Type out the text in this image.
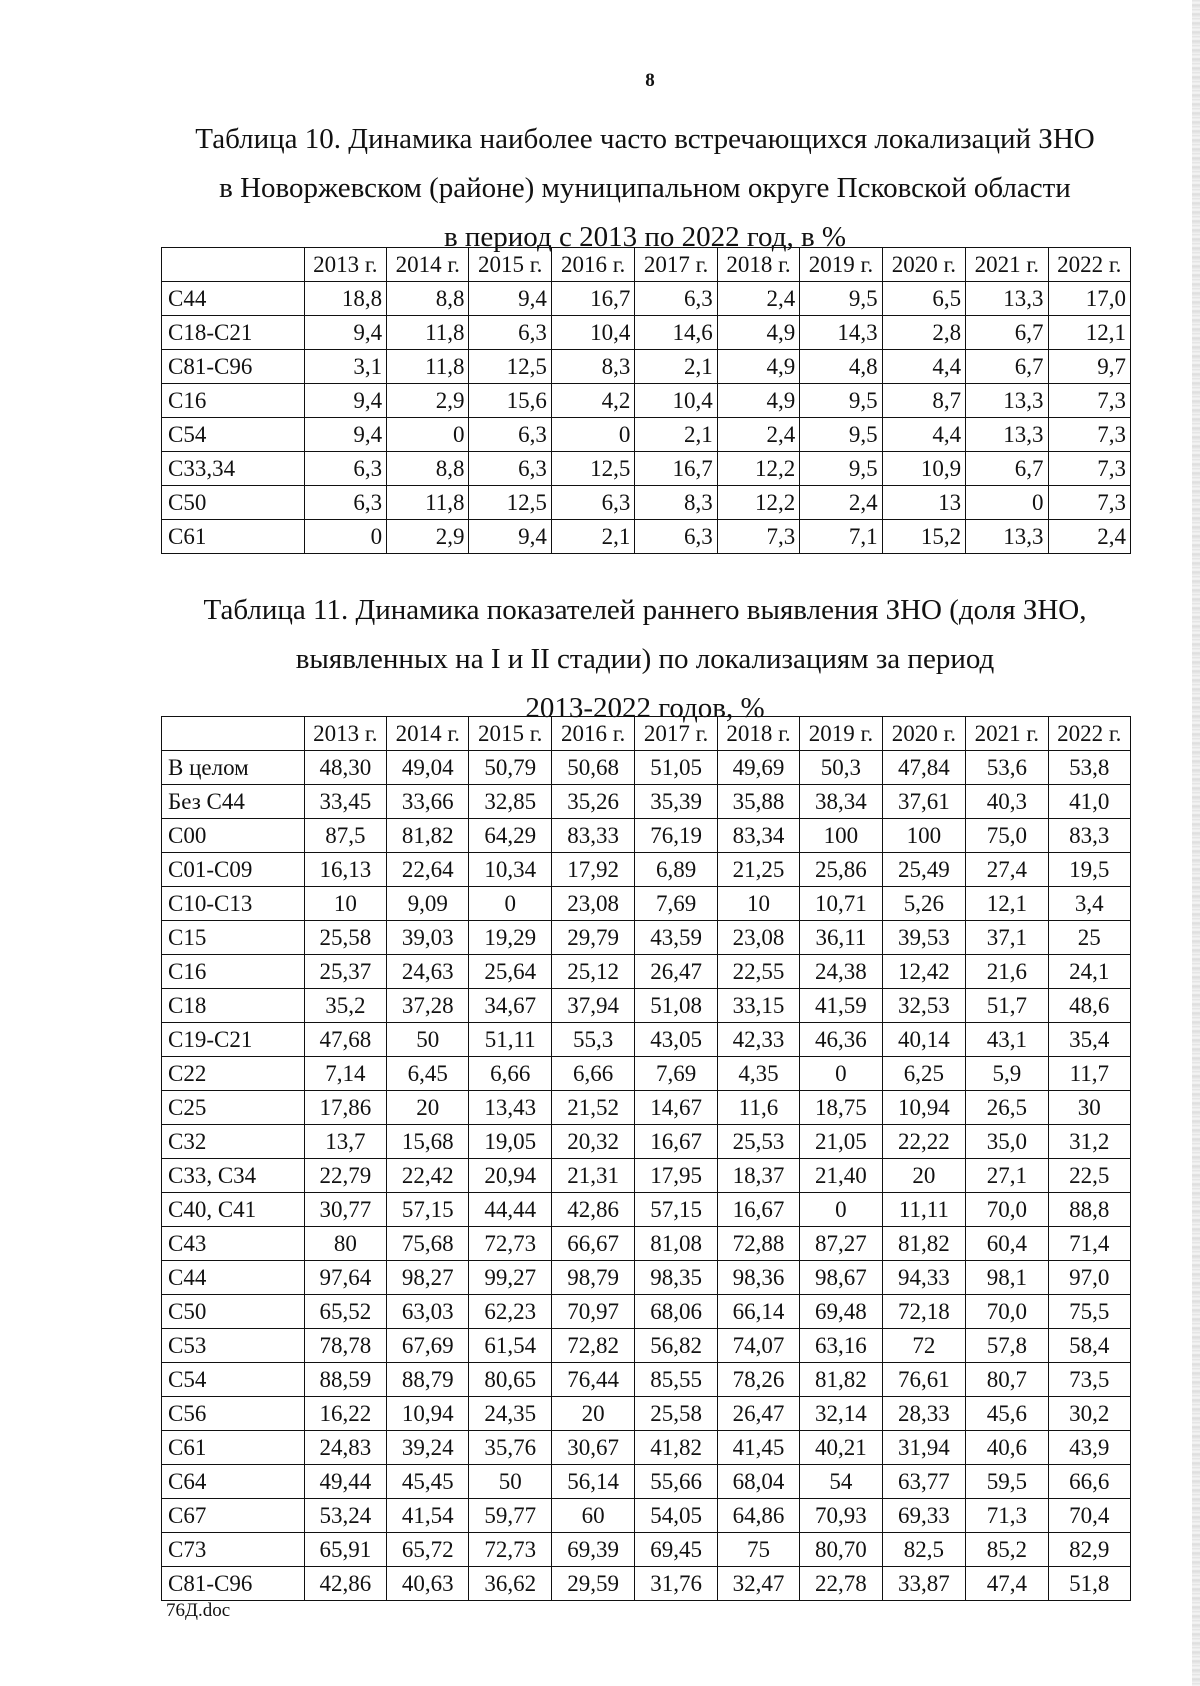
8
Таблица 10. Динамика наиболее часто встречающихся локализаций ЗНО
в Новоржевском (районе) муниципальном округе Псковской области
в период с 2013 по 2022 год, в %
	2013 г.	2014 г.	2015 г.	2016 г.	2017 г.	2018 г.	2019 г.	2020 г.	2021 г.	2022 г.
С44	18,8	8,8	9,4	16,7	6,3	2,4	9,5	6,5	13,3	17,0
С18-С21	9,4	11,8	6,3	10,4	14,6	4,9	14,3	2,8	6,7	12,1
С81-С96	3,1	11,8	12,5	8,3	2,1	4,9	4,8	4,4	6,7	9,7
С16	9,4	2,9	15,6	4,2	10,4	4,9	9,5	8,7	13,3	7,3
С54	9,4	0	6,3	0	2,1	2,4	9,5	4,4	13,3	7,3
С33,34	6,3	8,8	6,3	12,5	16,7	12,2	9,5	10,9	6,7	7,3
С50	6,3	11,8	12,5	6,3	8,3	12,2	2,4	13	0	7,3
С61	0	2,9	9,4	2,1	6,3	7,3	7,1	15,2	13,3	2,4
Таблица 11. Динамика показателей раннего выявления ЗНО (доля ЗНО,
выявленных на I и II стадии) по локализациям за период
2013-2022 годов, %
	2013 г.	2014 г.	2015 г.	2016 г.	2017 г.	2018 г.	2019 г.	2020 г.	2021 г.	2022 г.
В целом	48,30	49,04	50,79	50,68	51,05	49,69	50,3	47,84	53,6	53,8
Без С44	33,45	33,66	32,85	35,26	35,39	35,88	38,34	37,61	40,3	41,0
С00	87,5	81,82	64,29	83,33	76,19	83,34	100	100	75,0	83,3
С01-С09	16,13	22,64	10,34	17,92	6,89	21,25	25,86	25,49	27,4	19,5
С10-С13	10	9,09	0	23,08	7,69	10	10,71	5,26	12,1	3,4
С15	25,58	39,03	19,29	29,79	43,59	23,08	36,11	39,53	37,1	25
С16	25,37	24,63	25,64	25,12	26,47	22,55	24,38	12,42	21,6	24,1
С18	35,2	37,28	34,67	37,94	51,08	33,15	41,59	32,53	51,7	48,6
С19-С21	47,68	50	51,11	55,3	43,05	42,33	46,36	40,14	43,1	35,4
С22	7,14	6,45	6,66	6,66	7,69	4,35	0	6,25	5,9	11,7
С25	17,86	20	13,43	21,52	14,67	11,6	18,75	10,94	26,5	30
С32	13,7	15,68	19,05	20,32	16,67	25,53	21,05	22,22	35,0	31,2
С33, С34	22,79	22,42	20,94	21,31	17,95	18,37	21,40	20	27,1	22,5
С40, С41	30,77	57,15	44,44	42,86	57,15	16,67	0	11,11	70,0	88,8
С43	80	75,68	72,73	66,67	81,08	72,88	87,27	81,82	60,4	71,4
С44	97,64	98,27	99,27	98,79	98,35	98,36	98,67	94,33	98,1	97,0
С50	65,52	63,03	62,23	70,97	68,06	66,14	69,48	72,18	70,0	75,5
С53	78,78	67,69	61,54	72,82	56,82	74,07	63,16	72	57,8	58,4
С54	88,59	88,79	80,65	76,44	85,55	78,26	81,82	76,61	80,7	73,5
С56	16,22	10,94	24,35	20	25,58	26,47	32,14	28,33	45,6	30,2
С61	24,83	39,24	35,76	30,67	41,82	41,45	40,21	31,94	40,6	43,9
С64	49,44	45,45	50	56,14	55,66	68,04	54	63,77	59,5	66,6
С67	53,24	41,54	59,77	60	54,05	64,86	70,93	69,33	71,3	70,4
С73	65,91	65,72	72,73	69,39	69,45	75	80,70	82,5	85,2	82,9
С81-С96	42,86	40,63	36,62	29,59	31,76	32,47	22,78	33,87	47,4	51,8
76Д.doc
